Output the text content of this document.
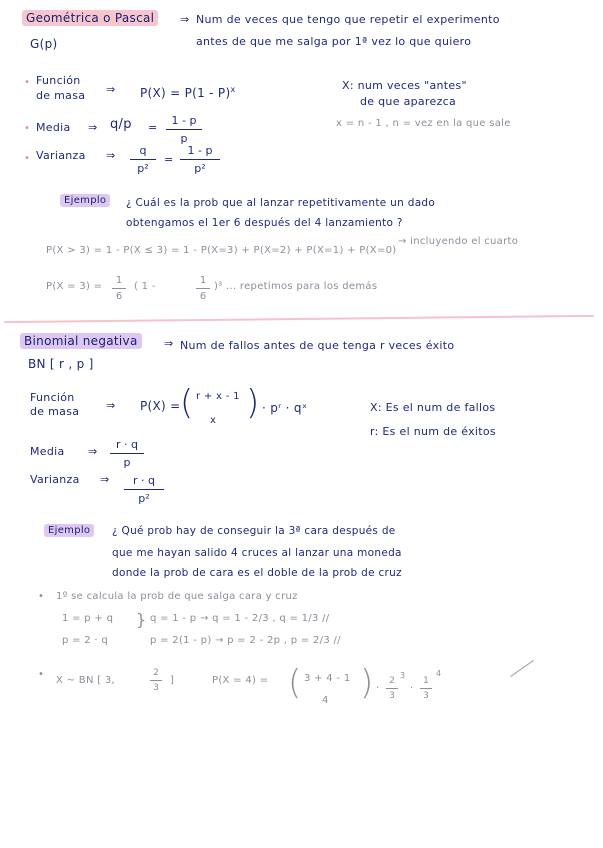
Geométrica o Pascal	⇒ Num de veces que tengo que repetir el experimento
antes de que me salga por 1ª vez lo que quiero
G(p)
• Función
de masa ⇒ P(X) = P(1 - P)$^x$	X: num veces "antes"
de que aparezca
x = n - 1 , n = vez en la que sale
• Media ⇒ $q/p = \frac{1 - p}{p}$
• Varianza ⇒ $\frac{q}{\text{p²}} = \frac{1 - p}{\text{p²}}$
Ejemplo	¿ Cuál es la prob que al lanzar repetitivamente un dado
obtengamos el 1er 6 después del 4 lanzamiento ?
→ incluyendo el cuarto
P(X > 3) = 1 - P(X ≤ 3) = 1 - P(X=3) + P(X=2) + P(X=1) + P(X=0)
$P(X = 3) = \frac{1}{6}$ ( 1 -	$\frac{1}{6} )^3$ ... repetimos para los demás
Binomial negativa	⇒ Num de fallos antes de que tenga r veces éxito
BN [ r , p ]
Función
de masa ⇒ P(X) = ( r + x - 1
x ) · pʳ · qˣ	X: Es el num de fallos
r: Es el num de éxitos
Media ⇒ $\frac{r \cdot q}{p}$
Varianza ⇒ $\frac{r \cdot q}{\text{p²}}$
Ejemplo	¿ Qué prob hay de conseguir la 3ª cara después de
que me hayan salido 4 cruces al lanzar una moneda
donde la prob de cara es el doble de la prob de cruz
• 1º se calcula la prob de que salga cara y cruz
1 = p + q	q = 1 - p → q = 1 - 2/3 , q = 1/3 //
p = 2 · q	p = 2(1 - p) → p = 2 - 2p , p = 2/3 //
}
•
X ~ BN [ 3,	$\frac{2}{3}$ ]	P(X = 4) = ( 3 + 4 - 1
4 ) · $\frac{2}{3}$
3
· $\frac{1}{3}$
4
